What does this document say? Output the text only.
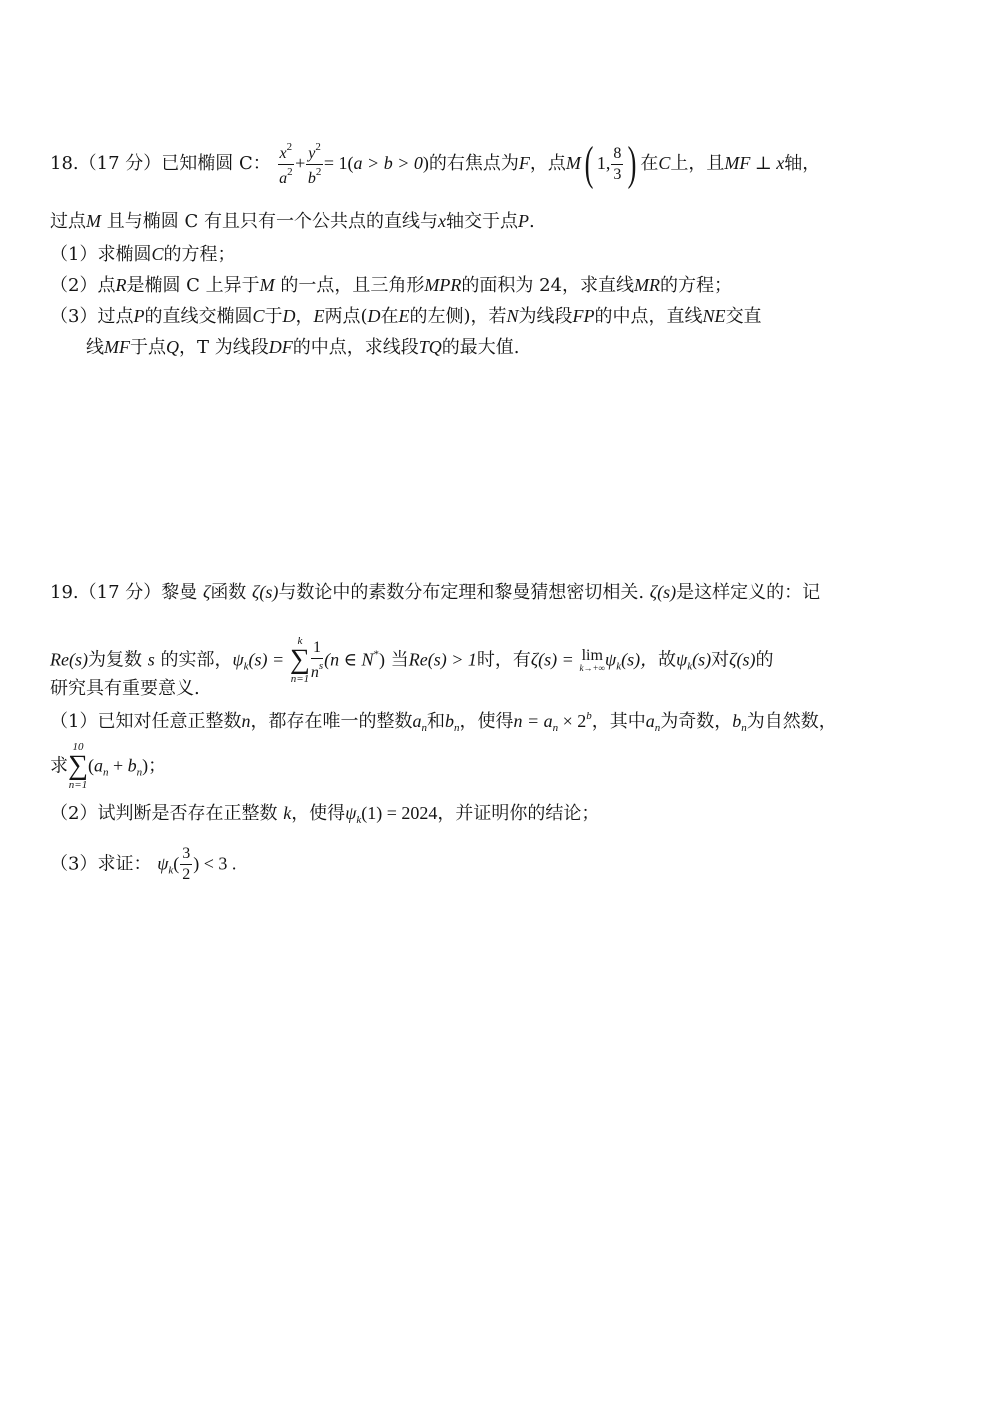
18.（17 分）已知椭圆 C： $\frac{x^2}{a^2} + \frac{y^2}{b^2} = 1(a > b > 0)$的右焦点为F，点M( 1, $\frac{8}{3}$ ) 在C上，且MF ⊥ x轴，
过点M 且与椭圆 C 有且只有一个公共点的直线与x轴交于点P.
（1）求椭圆C的方程；
（2）点R是椭圆 C 上异于M 的一点，且三角形MPR的面积为 24，求直线MR的方程；
（3）过点P的直线交椭圆C于D，E两点(D在E的左侧)，若N为线段FP的中点，直线NE交直
线MF于点Q，T 为线段DF的中点，求线段TQ的最大值.
19.（17 分）黎曼 ζ函数 ζ(s)与数论中的素数分布定理和黎曼猜想密切相关. ζ(s)是这样定义的：记
Re(s)为复数 s 的实部，$\psi_k(s)$ =
k
∑
$n=1 \frac{1}{n^s} (n$ ∈ N*) 当Re(s) > 1时，有ζ(s) = lim
k→+∞ $\psi_k(s)$，故$\psi_k(s)$对ζ(s)的
研究具有重要意义.
（1）已知对任意正整数n，都存在唯一的整数$a_n$和$b_n$，使得$n = a_n \times 2^b$，其中$a_n$为奇数，$b_n$为自然数，
求
10
∑
n=1
$(a_n + b_n)$；
（2）试判断是否存在正整数 k，使得$\psi_k(1) = 2024$，并证明你的结论；
（3）求证： $\psi_k( \frac{3}{2}$ ) < 3 .
